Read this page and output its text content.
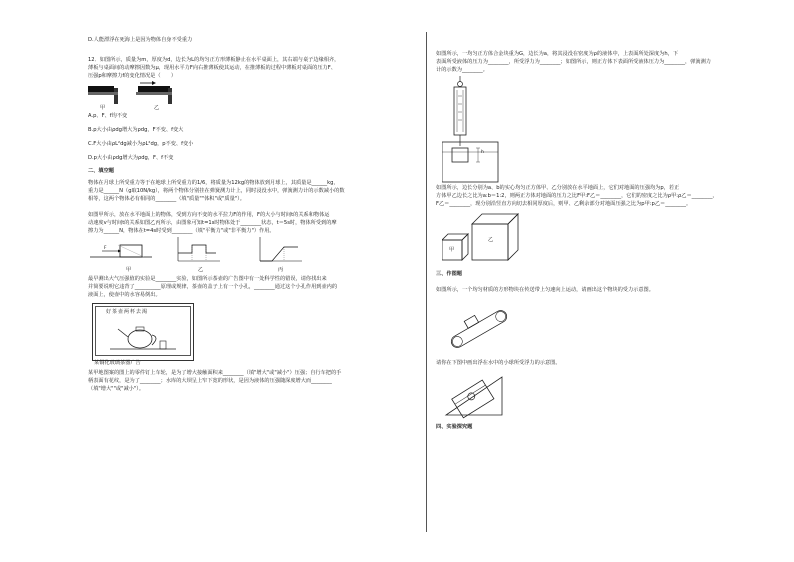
D.人能漂浮在死海上是因为物体自身不受重力

12．如图所示，质量为m，厚度为d，边长为L的均匀正方形薄板静止在水平桌面上，其右端与桌子边缘相齐，

薄板与桌面间的动摩擦因数为μ，现用水平力F向右推薄板使其运动，在推薄板的过程中薄板对桌面的压力F、

压强p和摩擦力f的变化情况是（　　）

甲	乙

A.p、F、f均不变

B.p大小由ρdg增大为ρdg，F不变、f变大

C.F大小由ρL²dg减小为ρL²dg，p不变、f变小

D.p大小由ρdg增大为ρdg，F、f不变

二、填空题

物体在月球上所受重力等于在地球上所受重力的1/6，将质量为12kg的物体放到月球上，其质量是______kg，

重力是______N（g取10N/kg），将两个物体分别挂在弹簧测力计上，同时浸没水中，弹簧测力计的示数减小的数

相等，这两个物体必有相同的________（填"质量""体积"或"质量"）。

如图甲所示，放在水平地面上的物体，受到方向不变的水平拉力F的作用，F的大小与时间t的关系和物体运

动速度v与时间t的关系如图乙丙所示，由图象可知t=1s时物体处于________状态，t＝5s时，物体所受到的摩

擦力为______N，物体在t=4s时受到________（填"平衡力"或"非平衡力"）作用。

F
甲	乙	丙

最早测出大气压强值的实验是________实验，如图所示茶壶的广告图中有一处科学性的错误，请你找出来

并简要说明它违背了__________原理或规律，茶壶的盖子上有一个小孔，________通过这个小孔作用到壶内的

液面上，使壶中的水容易倒出。

好茶壶两杯去渴
某铜化玻璃茶器广告

某甲地图案的图上的零件钉上车轮，是为了增大接触面积来________（填"增大"或"减小"）压强；自行车把的手

柄表面有花纹，是为了________；水库的大坝呈上窄下宽的形状，是因为液体的压强随深度增大而________

（填"增大""或"减小"）。

如图所示，一均匀正方体合金块重为G，边长为a，将其浸没在密度为ρ的液体中，上表面所处深度为h，下

表面所受液体的压力为________，所受浮力为________；如图所示，则正方体下表面所受液体压力为________，弹簧测力

计的示数为________。

h

如图所示，边长分别为a、b的实心均匀正方体甲、乙分别放在水平地面上，它们对地面的压强均为p，若正

方体甲乙边长之比为a:b＝1:2，则两正方体对地面的压力之比F甲:F乙＝________，它们的密度之比为ρ甲:ρ乙＝________，

F乙＝________，现分别沿竖直方向切去相同厚度后，则甲、乙剩余部分对地面压强之比为p甲:p乙＝________。

甲
乙

三、作图题

如图所示，一个均匀材质的方形物块在传送带上匀速向上运动，请画出这个物块的受力示意图。

请你在下图中画出浮在水中的小球所受浮力的示意图。

四、实验探究题
